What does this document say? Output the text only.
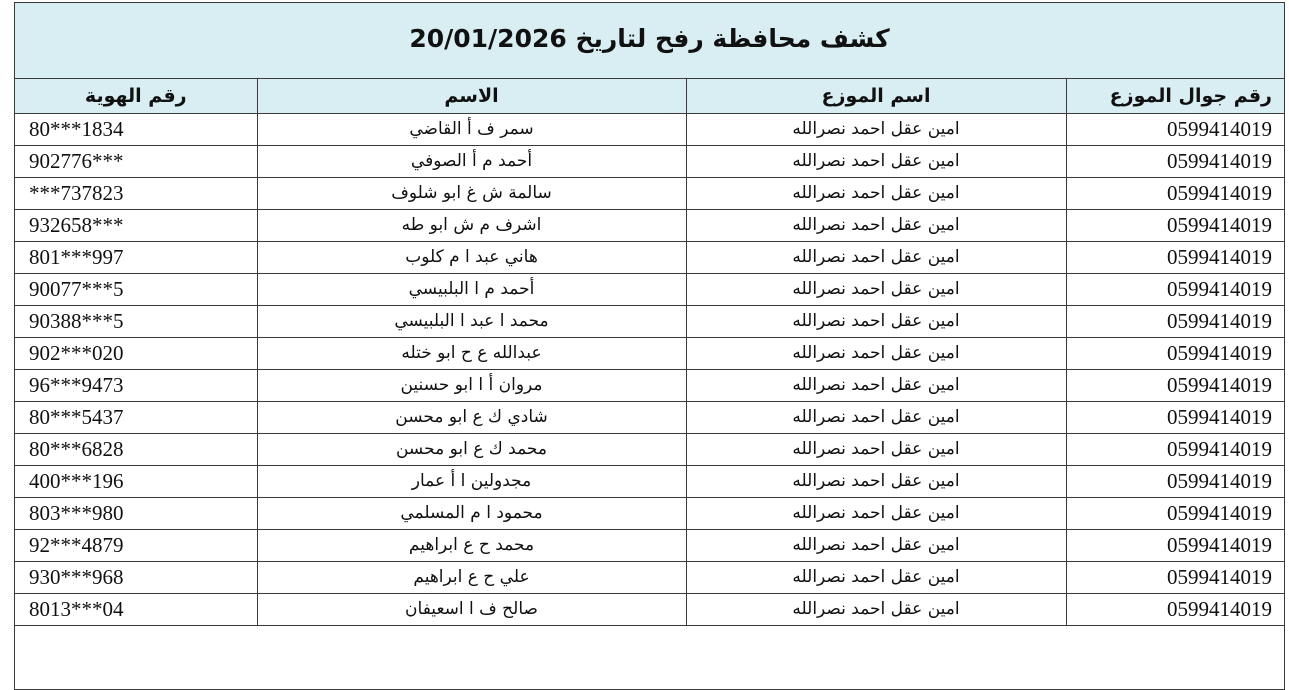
كشف محافظة رفح لتاريخ 20/01/2026
رقم جوال الموزع	اسم الموزع	الاسم	رقم الهوية
0599414019	امين عقل احمد نصرالله	سمر ف أ القاضي	80***1834
0599414019	امين عقل احمد نصرالله	أحمد م أ الصوفي	902776***
0599414019	امين عقل احمد نصرالله	سالمة ش غ ابو شلوف	***737823
0599414019	امين عقل احمد نصرالله	اشرف م ش ابو طه	932658***
0599414019	امين عقل احمد نصرالله	هاني عبد ا م كلوب	801***997
0599414019	امين عقل احمد نصرالله	أحمد م ا البلبيسي	90077***5
0599414019	امين عقل احمد نصرالله	محمد ا عبد ا البلبيسي	90388***5
0599414019	امين عقل احمد نصرالله	عبدالله ع ح ابو ختله	902***020
0599414019	امين عقل احمد نصرالله	مروان أ ا ابو حسنين	96***9473
0599414019	امين عقل احمد نصرالله	شادي ك ع ابو محسن	80***5437
0599414019	امين عقل احمد نصرالله	محمد ك ع ابو محسن	80***6828
0599414019	امين عقل احمد نصرالله	مجدولين ا أ عمار	400***196
0599414019	امين عقل احمد نصرالله	محمود ا م المسلمي	803***980
0599414019	امين عقل احمد نصرالله	محمد ح ع ابراهيم	92***4879
0599414019	امين عقل احمد نصرالله	علي ح ع ابراهيم	930***968
0599414019	امين عقل احمد نصرالله	صالح ف ا اسعيفان	8013***04
